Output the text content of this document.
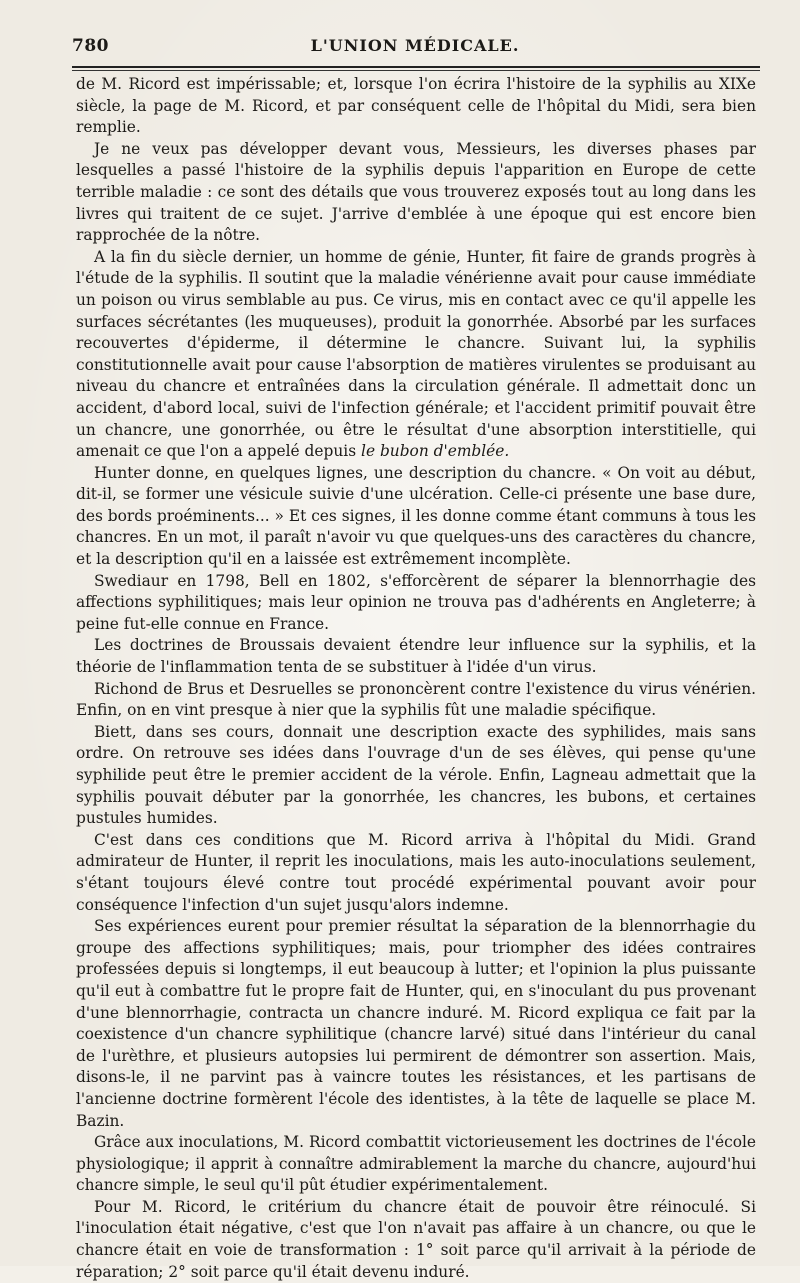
780	L'UNION MÉDICALE.

de M. Ricord est impérissable; et, lorsque l'on écrira l'histoire de la syphilis au XIXe siècle, la page de M. Ricord, et par conséquent celle de l'hôpital du Midi, sera bien remplie.

Je ne veux pas développer devant vous, Messieurs, les diverses phases par lesquelles a passé l'histoire de la syphilis depuis l'apparition en Europe de cette terrible maladie : ce sont des détails que vous trouverez exposés tout au long dans les livres qui traitent de ce sujet. J'arrive d'emblée à une époque qui est encore bien rapprochée de la nôtre.

A la fin du siècle dernier, un homme de génie, Hunter, fit faire de grands progrès à l'étude de la syphilis. Il soutint que la maladie vénérienne avait pour cause immédiate un poison ou virus semblable au pus. Ce virus, mis en contact avec ce qu'il appelle les surfaces sécrétantes (les muqueuses), produit la gonorrhée. Absorbé par les surfaces recouvertes d'épiderme, il détermine le chancre. Suivant lui, la syphilis constitutionnelle avait pour cause l'absorption de matières virulentes se produisant au niveau du chancre et entraînées dans la circulation générale. Il admettait donc un accident, d'abord local, suivi de l'infection générale; et l'accident primitif pouvait être un chancre, une gonorrhée, ou être le résultat d'une absorption interstitielle, qui amenait ce que l'on a appelé depuis le bubon d'emblée.

Hunter donne, en quelques lignes, une description du chancre. « On voit au début, dit-il, se former une vésicule suivie d'une ulcération. Celle-ci présente une base dure, des bords proéminents... » Et ces signes, il les donne comme étant communs à tous les chancres. En un mot, il paraît n'avoir vu que quelques-uns des caractères du chancre, et la description qu'il en a laissée est extrêmement incomplète.

Swediaur en 1798, Bell en 1802, s'efforcèrent de séparer la blennorrhagie des affections syphilitiques; mais leur opinion ne trouva pas d'adhérents en Angleterre; à peine fut-elle connue en France.

Les doctrines de Broussais devaient étendre leur influence sur la syphilis, et la théorie de l'inflammation tenta de se substituer à l'idée d'un virus.

Richond de Brus et Desruelles se prononcèrent contre l'existence du virus vénérien. Enfin, on en vint presque à nier que la syphilis fût une maladie spécifique.

Biett, dans ses cours, donnait une description exacte des syphilides, mais sans ordre. On retrouve ses idées dans l'ouvrage d'un de ses élèves, qui pense qu'une syphilide peut être le premier accident de la vérole. Enfin, Lagneau admettait que la syphilis pouvait débuter par la gonorrhée, les chancres, les bubons, et certaines pustules humides.

C'est dans ces conditions que M. Ricord arriva à l'hôpital du Midi. Grand admirateur de Hunter, il reprit les inoculations, mais les auto-inoculations seulement, s'étant toujours élevé contre tout procédé expérimental pouvant avoir pour conséquence l'infection d'un sujet jusqu'alors indemne.

Ses expériences eurent pour premier résultat la séparation de la blennorrhagie du groupe des affections syphilitiques; mais, pour triompher des idées contraires professées depuis si longtemps, il eut beaucoup à lutter; et l'opinion la plus puissante qu'il eut à combattre fut le propre fait de Hunter, qui, en s'inoculant du pus provenant d'une blennorrhagie, contracta un chancre induré. M. Ricord expliqua ce fait par la coexistence d'un chancre syphilitique (chancre larvé) situé dans l'intérieur du canal de l'urèthre, et plusieurs autopsies lui permirent de démontrer son assertion. Mais, disons-le, il ne parvint pas à vaincre toutes les résistances, et les partisans de l'ancienne doctrine formèrent l'école des identistes, à la tête de laquelle se place M. Bazin.

Grâce aux inoculations, M. Ricord combattit victorieusement les doctrines de l'école physiologique; il apprit à connaître admirablement la marche du chancre, aujourd'hui chancre simple, le seul qu'il pût étudier expérimentalement.

Pour M. Ricord, le critérium du chancre était de pouvoir être réinoculé. Si l'inoculation était négative, c'est que l'on n'avait pas affaire à un chancre, ou que le chancre était en voie de transformation : 1° soit parce qu'il arrivait à la période de réparation; 2° soit parce qu'il était devenu induré.
